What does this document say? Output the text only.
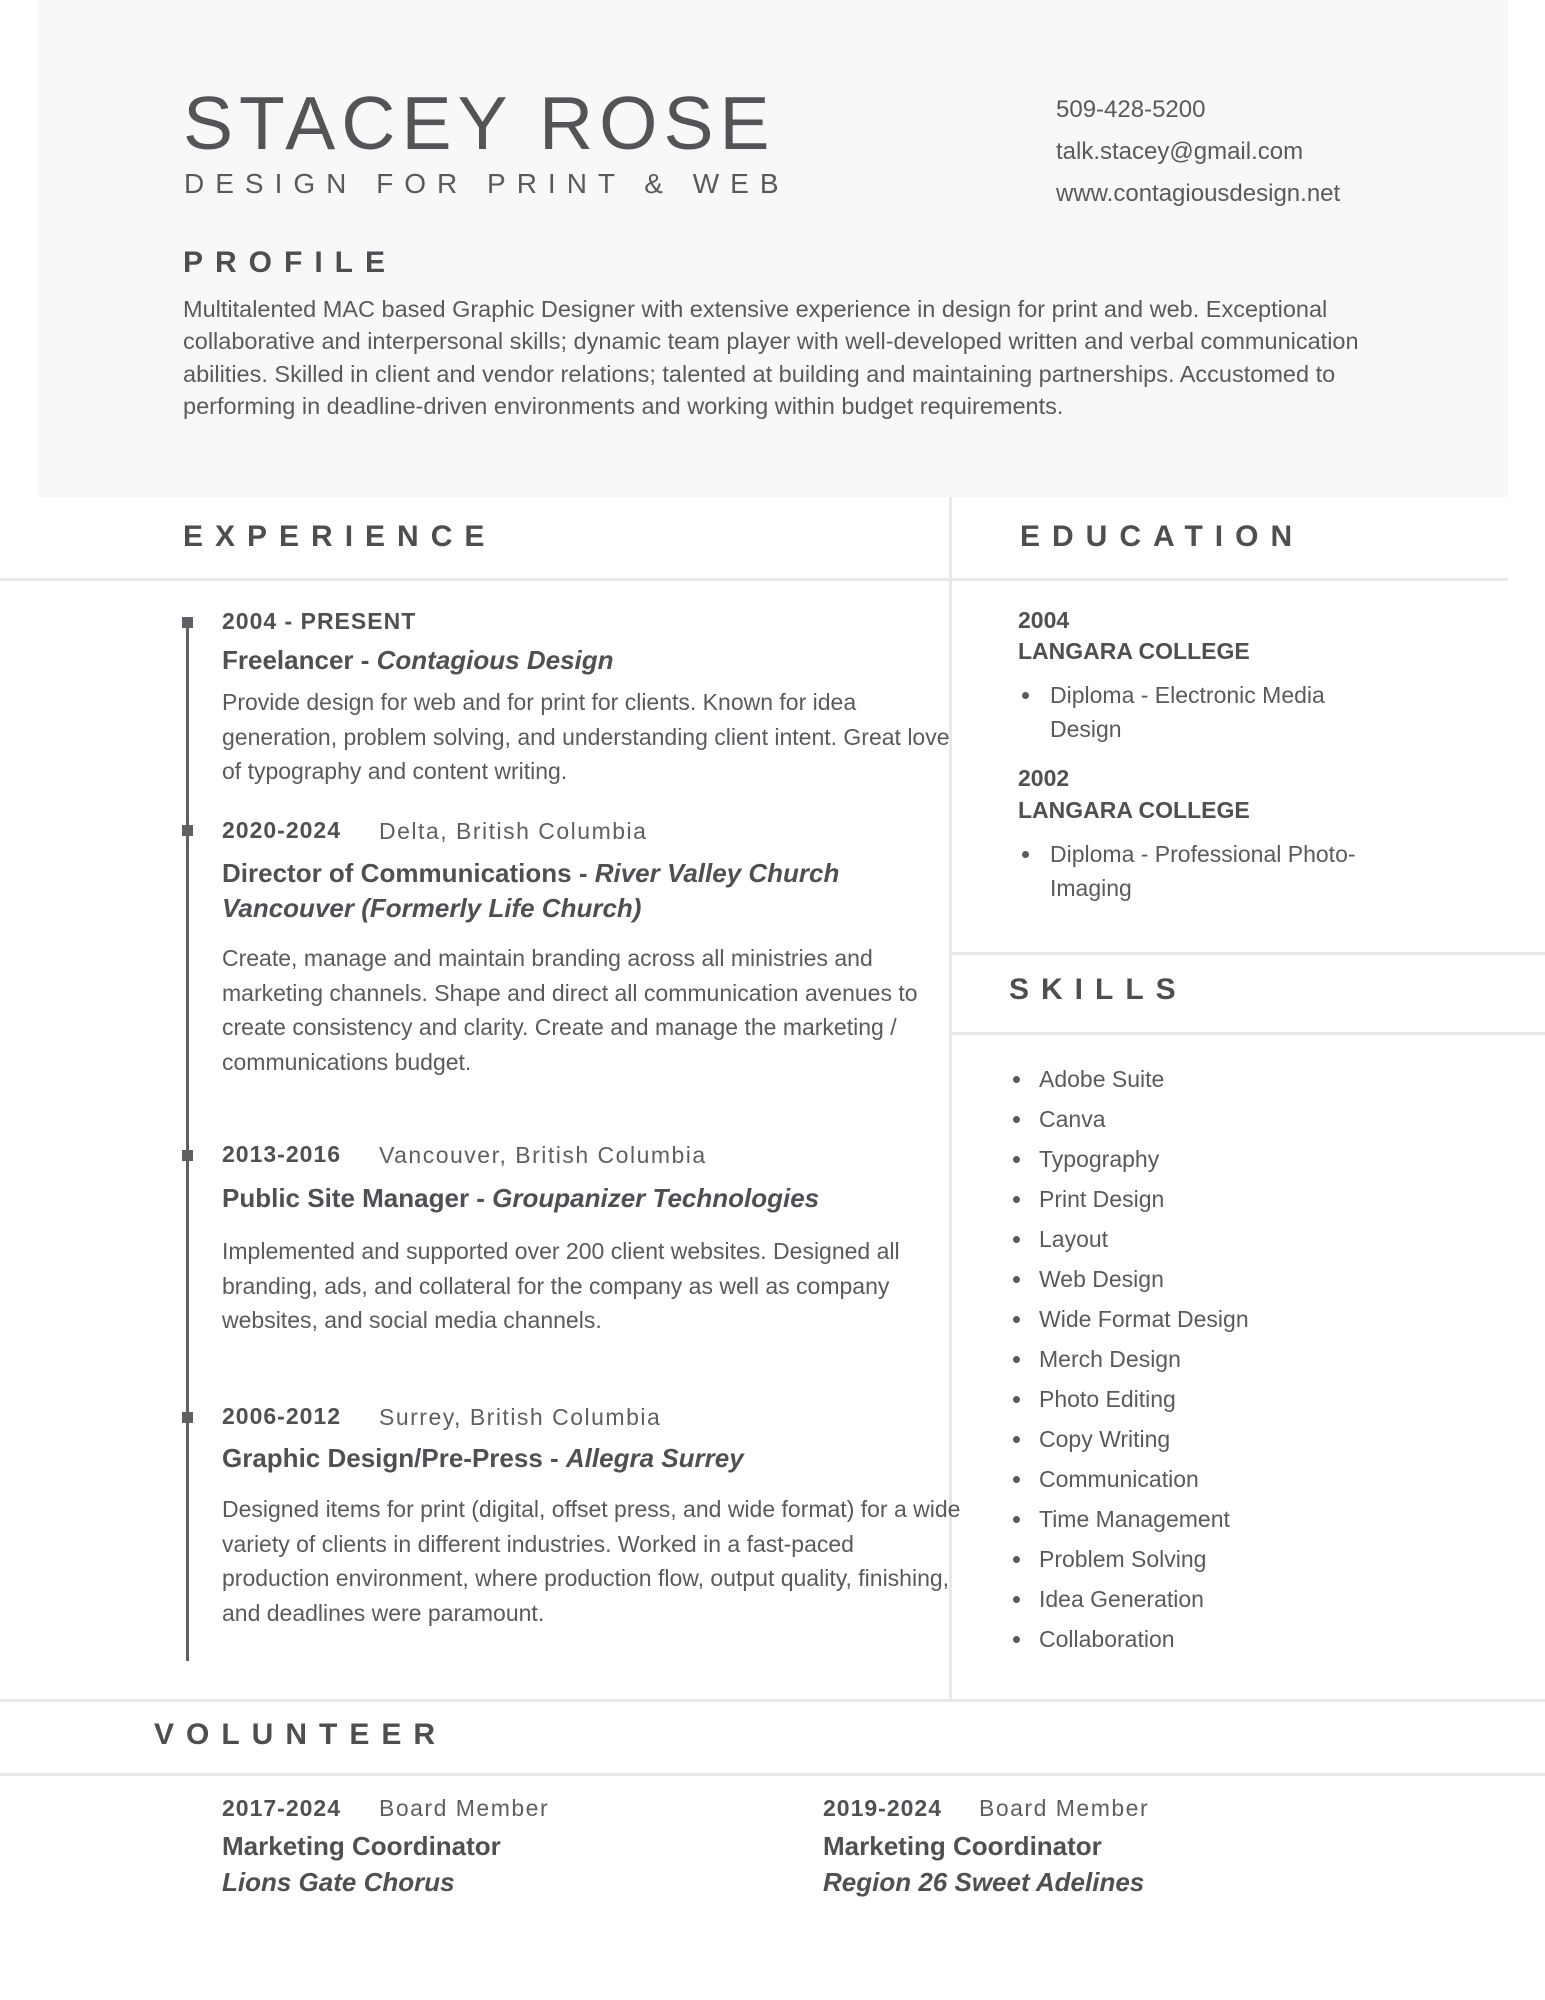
STACEY ROSE
DESIGN FOR PRINT & WEB
509-428-5200
talk.stacey@gmail.com
www.contagiousdesign.net
PROFILE
Multitalented MAC based Graphic Designer with extensive experience in design for print and web. Exceptional collaborative and interpersonal skills; dynamic team player with well-developed written and verbal communication abilities. Skilled in client and vendor relations; talented at building and maintaining partnerships. Accustomed to performing in deadline-driven environments and working within budget requirements.
EXPERIENCE
2004 - PRESENT
Freelancer - Contagious Design
Provide design for web and for print for clients. Known for idea generation, problem solving, and understanding client intent. Great love of typography and content writing.
2020-2024 Delta, British Columbia
Director of Communications - River Valley Church Vancouver (Formerly Life Church)
Create, manage and maintain branding across all ministries and marketing channels. Shape and direct all communication avenues to create consistency and clarity. Create and manage the marketing / communications budget.
2013-2016 Vancouver, British Columbia
Public Site Manager - Groupanizer Technologies
Implemented and supported over 200 client websites. Designed all branding, ads, and collateral for the company as well as company websites, and social media channels.
2006-2012 Surrey, British Columbia
Graphic Design/Pre-Press - Allegra Surrey
Designed items for print (digital, offset press, and wide format) for a wide variety of clients in different industries. Worked in a fast-paced production environment, where production flow, output quality, finishing, and deadlines were paramount.
EDUCATION
2004
LANGARA COLLEGE
Diploma - Electronic Media Design
2002
LANGARA COLLEGE
Diploma - Professional Photo-Imaging
SKILLS
Adobe Suite
Canva
Typography
Print Design
Layout
Web Design
Wide Format Design
Merch Design
Photo Editing
Copy Writing
Communication
Time Management
Problem Solving
Idea Generation
Collaboration
VOLUNTEER
2017-2024 Board Member
Marketing Coordinator
Lions Gate Chorus
2019-2024 Board Member
Marketing Coordinator
Region 26 Sweet Adelines
